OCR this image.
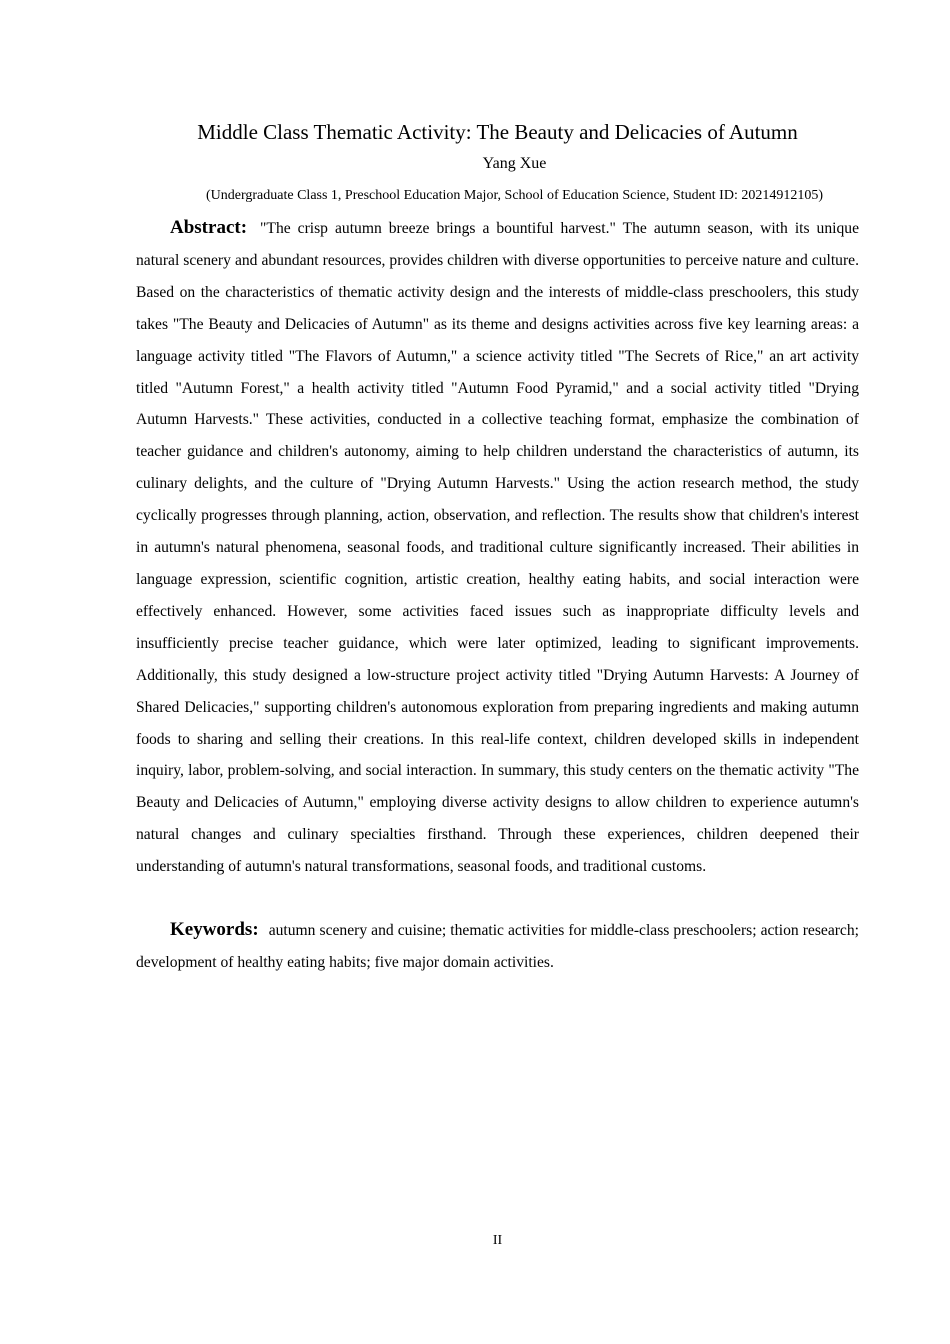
Middle Class Thematic Activity: The Beauty and Delicacies of Autumn
Yang Xue
(Undergraduate Class 1, Preschool Education Major, School of Education Science, Student ID: 20214912105)

Abstract: "The crisp autumn breeze brings a bountiful harvest." The autumn season, with its unique natural scenery and abundant resources, provides children with diverse opportunities to perceive nature and culture. Based on the characteristics of thematic activity design and the interests of middle-class preschoolers, this study takes "The Beauty and Delicacies of Autumn" as its theme and designs activities across five key learning areas: a language activity titled "The Flavors of Autumn," a science activity titled "The Secrets of Rice," an art activity titled "Autumn Forest," a health activity titled "Autumn Food Pyramid," and a social activity titled "Drying Autumn Harvests." These activities, conducted in a collective teaching format, emphasize the combination of teacher guidance and children's autonomy, aiming to help children understand the characteristics of autumn, its culinary delights, and the culture of "Drying Autumn Harvests." Using the action research method, the study cyclically progresses through planning, action, observation, and reflection. The results show that children's interest in autumn's natural phenomena, seasonal foods, and traditional culture significantly increased. Their abilities in language expression, scientific cognition, artistic creation, healthy eating habits, and social interaction were effectively enhanced. However, some activities faced issues such as inappropriate difficulty levels and insufficiently precise teacher guidance, which were later optimized, leading to significant improvements. Additionally, this study designed a low-structure project activity titled "Drying Autumn Harvests: A Journey of Shared Delicacies," supporting children's autonomous exploration from preparing ingredients and making autumn foods to sharing and selling their creations. In this real-life context, children developed skills in independent inquiry, labor, problem-solving, and social interaction. In summary, this study centers on the thematic activity "The Beauty and Delicacies of Autumn," employing diverse activity designs to allow children to experience autumn's natural changes and culinary specialties firsthand. Through these experiences, children deepened their understanding of autumn's natural transformations, seasonal foods, and traditional customs.

Keywords: autumn scenery and cuisine; thematic activities for middle-class preschoolers; action research; development of healthy eating habits; five major domain activities.

II
